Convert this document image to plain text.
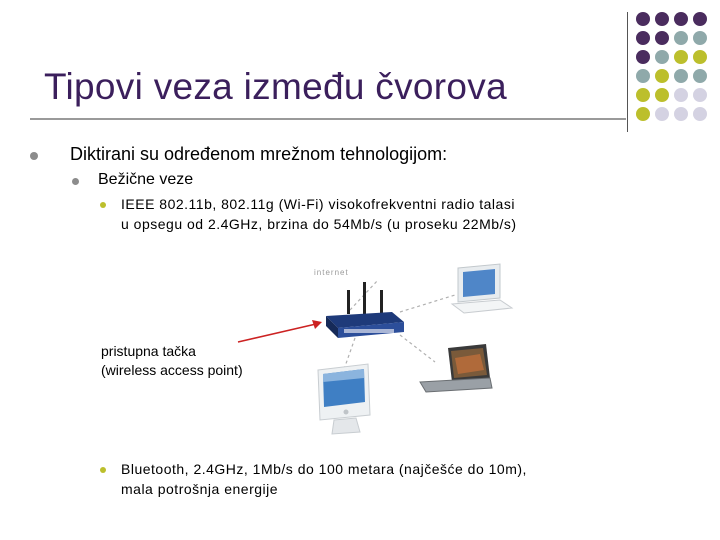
Tipovi veza između čvorova
Diktirani su određenom mrežnom tehnologijom:
Bežične veze
IEEE 802.11b, 802.11g (Wi-Fi) visokofrekventni radio talasi
u opsegu od 2.4GHz, brzina do 54Mb/s (u proseku 22Mb/s)
internet
pristupna tačka
(wireless access point)
Bluetooth, 2.4GHz, 1Mb/s do 100 metara (najčešće do 10m),
mala potrošnja energije
